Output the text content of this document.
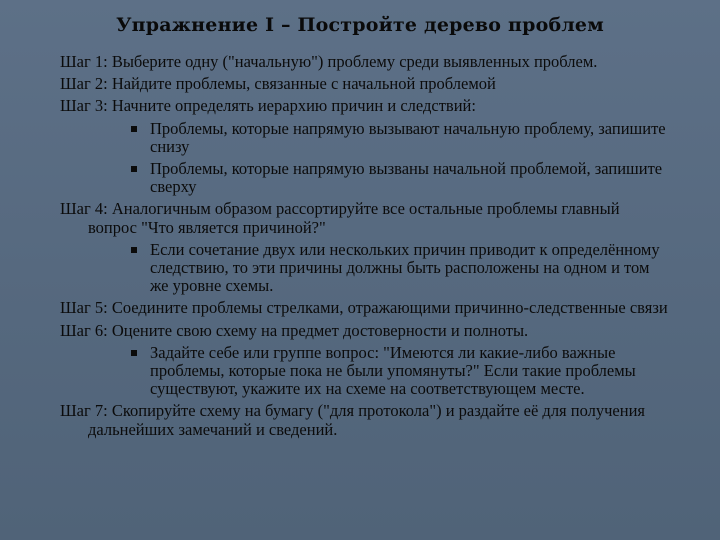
Упражнение I – Постройте дерево проблем
Шаг 1: Выберите одну ("начальную") проблему среди выявленных проблем.
Шаг 2: Найдите проблемы, связанные с начальной проблемой
Шаг 3: Начните определять иерархию причин и следствий:
Проблемы, которые напрямую вызывают начальную проблему, запишите снизу
Проблемы, которые напрямую вызваны начальной проблемой, запишите сверху
Шаг 4: Аналогичным образом рассортируйте все остальные проблемы главный вопрос "Что является причиной?"
Если сочетание двух или нескольких причин приводит к определённому следствию, то эти причины должны быть расположены на одном и том же уровне схемы.
Шаг 5: Соедините проблемы стрелками, отражающими причинно-следственные связи
Шаг 6: Оцените свою схему на предмет достоверности и полноты.
Задайте себе или группе вопрос: "Имеются ли какие-либо важные проблемы, которые пока не были упомянуты?" Если такие проблемы существуют, укажите их на схеме на соответствующем месте.
Шаг 7: Скопируйте схему на бумагу ("для протокола") и раздайте её для получения дальнейших замечаний и сведений.
